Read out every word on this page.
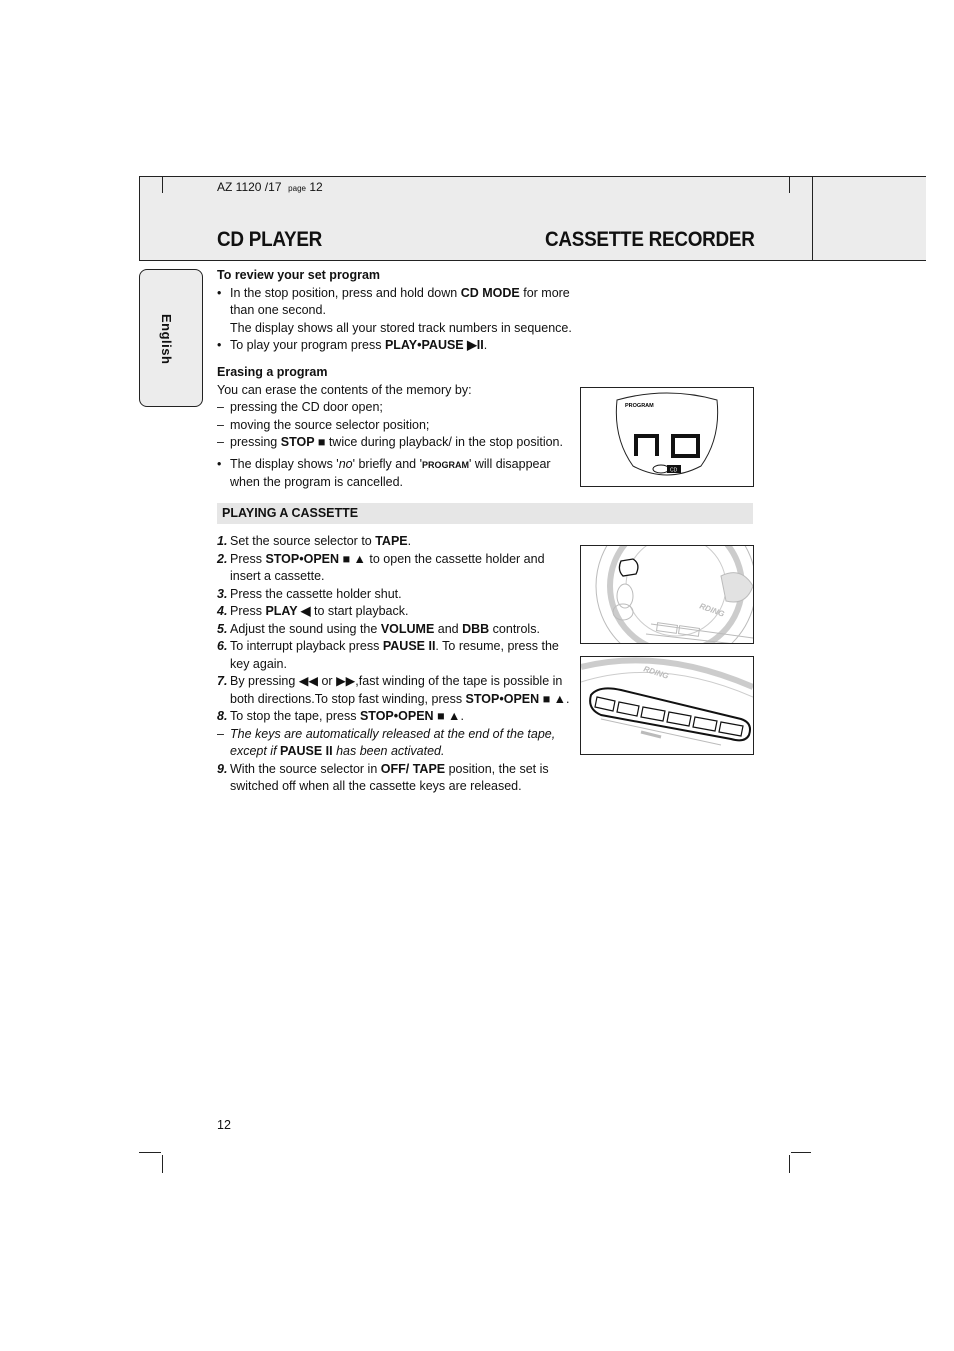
AZ 1120 /17 page 12
CD PLAYER	CASSETTE RECORDER
English

To review your set program

• In the stop position, press and hold down CD MODE for more than one second.
The display shows all your stored track numbers in sequence.

• To play your program press PLAY•PAUSE ▶II.

Erasing a program

You can erase the contents of the memory by:

– pressing the CD door open;

– moving the source selector position;

– pressing STOP ■ twice during playback/ in the stop position.

• The display shows 'no' briefly and 'PROGRAM' will disappear when the program is cancelled.

PROGRAM
CD
PLAYING A CASSETTE

1. Set the source selector to TAPE.

2. Press STOP•OPEN ■ ▲ to open the cassette holder and insert a cassette.

3. Press the cassette holder shut.

4. Press PLAY ◀ to start playback.

5. Adjust the sound using the VOLUME and DBB controls.

6. To interrupt playback press PAUSE II. To resume, press the key again.

7. By pressing ◀◀ or ▶▶,fast winding of the tape is possible in both directions.To stop fast winding, press STOP•OPEN ■ ▲.

8. To stop the tape, press STOP•OPEN ■ ▲.

– The keys are automatically released at the end of the tape, except if PAUSE II has been activated.

9. With the source selector in OFF/ TAPE position, the set is switched off when all the cassette keys are released.

RDING
RDING
12
